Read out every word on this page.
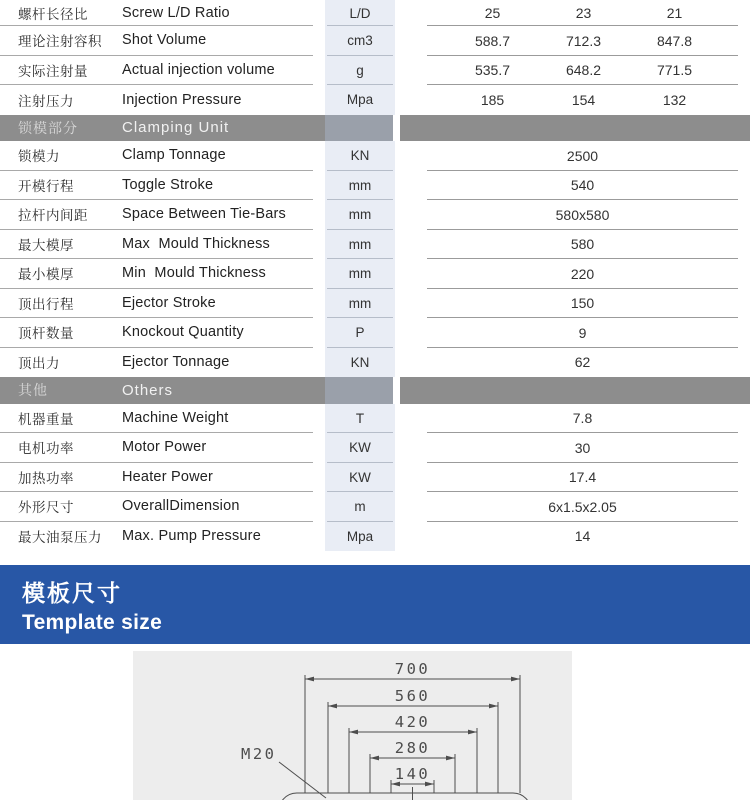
螺杆长径比	Screw L/D Ratio	L/D	25	23	21
理论注射容积	Shot Volume	cm3	588.7	712.3	847.8
实际注射量	Actual injection volume	g	535.7	648.2	771.5
注射压力	Injection Pressure	Mpa	185	154	132
锁模部分	Clamping Unit
锁模力	Clamp Tonnage	KN	2500
开模行程	Toggle Stroke	mm	540
拉杆内间距	Space Between Tie-Bars	mm	580x580
最大模厚	Max  Mould Thickness	mm	580
最小模厚	Min  Mould Thickness	mm	220
顶出行程	Ejector Stroke	mm	150
顶杆数量	Knockout Quantity	P	9
顶出力	Ejector Tonnage	KN	62
其他	Others
机器重量	Machine Weight	T	7.8
电机功率	Motor Power	KW	30
加热功率	Heater Power	KW	17.4
外形尺寸	OverallDimension	m	6x1.5x2.05
最大油泵压力	Max. Pump Pressure	Mpa	14
模板尺寸
Template size
700
560
420
280
140
M20
